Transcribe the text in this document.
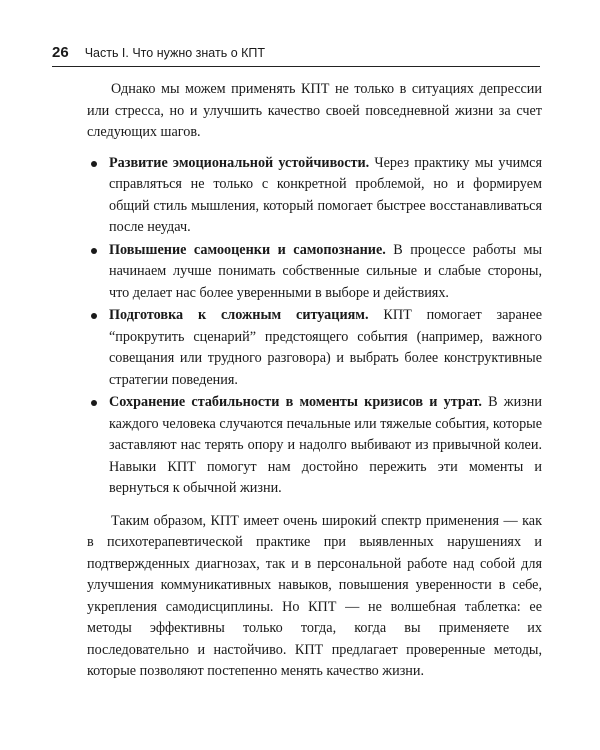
26 Часть I. Что нужно знать о КПТ

Однако мы можем применять КПТ не только в ситуациях депрессии или стресса, но и улучшить качество своей повседневной жизни за счет следующих шагов.

Развитие эмоциональной устойчивости. Через практику мы учимся справляться не только с конкретной проблемой, но и формируем общий стиль мышления, который помогает быстрее восстанавливаться после неудач.
Повышение самооценки и самопознание. В процессе работы мы начинаем лучше понимать собственные сильные и слабые стороны, что делает нас более уверенными в выборе и действиях.
Подготовка к сложным ситуациям. КПТ помогает заранее “прокрутить сценарий” предстоящего события (например, важного совещания или трудного разговора) и выбрать более конструктивные стратегии поведения.
Сохранение стабильности в моменты кризисов и утрат. В жизни каждого человека случаются печальные или тяжелые события, которые заставляют нас терять опору и надолго выбивают из привычной колеи. Навыки КПТ помогут нам достойно пережить эти моменты и вернуться к обычной жизни.

Таким образом, КПТ имеет очень широкий спектр применения — как в психотерапевтической практике при выявленных нарушениях и подтвержденных диагнозах, так и в персональной работе над собой для улучшения коммуникативных навыков, повышения уверенности в себе, укрепления самодисциплины. Но КПТ — не волшебная таблетка: ее методы эффективны только тогда, когда вы применяете их последовательно и настойчиво. КПТ предлагает проверенные методы, которые позволяют постепенно менять качество жизни.
